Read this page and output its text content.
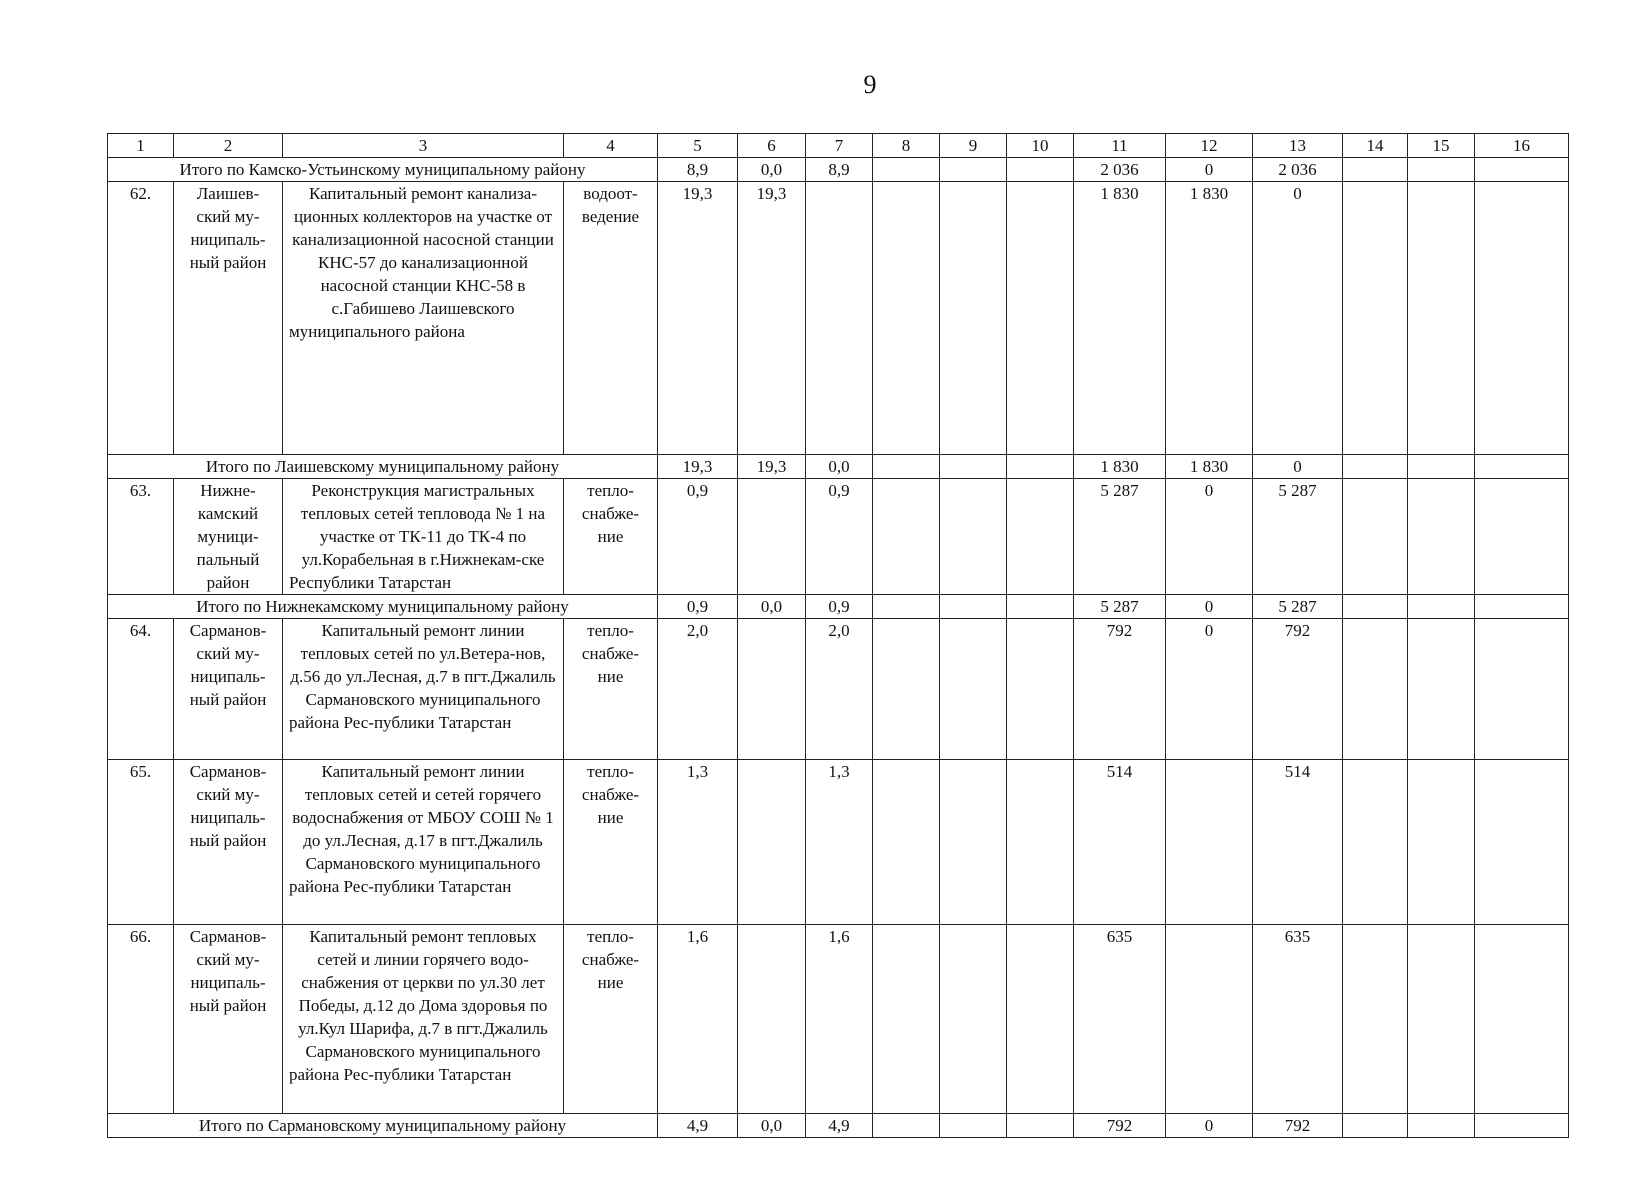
9
1	2	3	4	5	6	7	8	9	10	11	12	13	14	15	16
Итого по Камско-Устьинскому муниципальному району				8,9	0,0	8,9				2 036	0	2 036			
62.	Лаишев-ский му-ниципаль-ный район	Капитальный ремонт канализа-ционных коллекторов на участке от канализационной насосной станции КНС-57 до канализационной насосной станции КНС-58 в с.Габишево Лаишевского муниципального района	водоот-ведение	19,3	19,3					1 830	1 830	0			
Итого по Лаишевскому муниципальному району				19,3	19,3	0,0				1 830	1 830	0			
63.	Нижне-камский муници-пальный район	Реконструкция магистральных тепловых сетей тепловода № 1 на участке от ТК-11 до ТК-4 по ул.Корабельная в г.Нижнекам-ске Республики Татарстан	тепло-снабже-ние	0,9		0,9				5 287	0	5 287			
Итого по Нижнекамскому муниципальному району				0,9	0,0	0,9				5 287	0	5 287			
64.	Сарманов-ский му-ниципаль-ный район	Капитальный ремонт линии тепловых сетей по ул.Ветера-нов, д.56 до ул.Лесная, д.7 в пгт.Джалиль Сармановского муниципального района Рес-публики Татарстан	тепло-снабже-ние	2,0		2,0				792	0	792			
65.	Сарманов-ский му-ниципаль-ный район	Капитальный ремонт линии тепловых сетей и сетей горячего водоснабжения от МБОУ СОШ № 1 до ул.Лесная, д.17 в пгт.Джалиль Сармановского муниципального района Рес-публики Татарстан	тепло-снабже-ние	1,3		1,3				514		514			
66.	Сарманов-ский му-ниципаль-ный район	Капитальный ремонт тепловых сетей и линии горячего водо-снабжения от церкви по ул.30 лет Победы, д.12 до Дома здоровья по ул.Кул Шарифа, д.7 в пгт.Джалиль Сармановского муниципального района Рес-публики Татарстан	тепло-снабже-ние	1,6		1,6				635		635			
Итого по Сармановскому муниципальному району				4,9	0,0	4,9				792	0	792			
